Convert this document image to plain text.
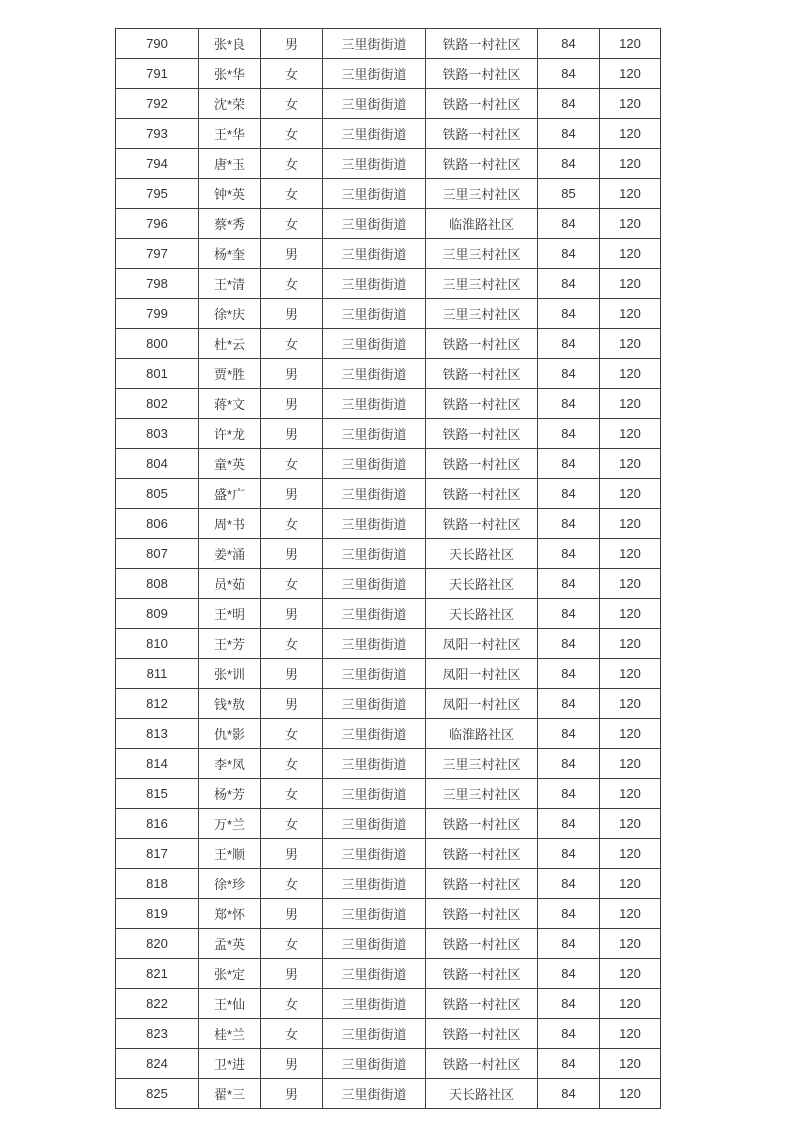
790	张*良	男	三里街街道	铁路一村社区	84	120
791	张*华	女	三里街街道	铁路一村社区	84	120
792	沈*荣	女	三里街街道	铁路一村社区	84	120
793	王*华	女	三里街街道	铁路一村社区	84	120
794	唐*玉	女	三里街街道	铁路一村社区	84	120
795	钟*英	女	三里街街道	三里三村社区	85	120
796	蔡*秀	女	三里街街道	临淮路社区	84	120
797	杨*奎	男	三里街街道	三里三村社区	84	120
798	王*清	女	三里街街道	三里三村社区	84	120
799	徐*庆	男	三里街街道	三里三村社区	84	120
800	杜*云	女	三里街街道	铁路一村社区	84	120
801	贾*胜	男	三里街街道	铁路一村社区	84	120
802	蒋*文	男	三里街街道	铁路一村社区	84	120
803	许*龙	男	三里街街道	铁路一村社区	84	120
804	童*英	女	三里街街道	铁路一村社区	84	120
805	盛*广	男	三里街街道	铁路一村社区	84	120
806	周*书	女	三里街街道	铁路一村社区	84	120
807	姜*涌	男	三里街街道	天长路社区	84	120
808	员*茹	女	三里街街道	天长路社区	84	120
809	王*明	男	三里街街道	天长路社区	84	120
810	王*芳	女	三里街街道	凤阳一村社区	84	120
811	张*训	男	三里街街道	凤阳一村社区	84	120
812	钱*敖	男	三里街街道	凤阳一村社区	84	120
813	仇*影	女	三里街街道	临淮路社区	84	120
814	李*凤	女	三里街街道	三里三村社区	84	120
815	杨*芳	女	三里街街道	三里三村社区	84	120
816	万*兰	女	三里街街道	铁路一村社区	84	120
817	王*顺	男	三里街街道	铁路一村社区	84	120
818	徐*珍	女	三里街街道	铁路一村社区	84	120
819	郑*怀	男	三里街街道	铁路一村社区	84	120
820	孟*英	女	三里街街道	铁路一村社区	84	120
821	张*定	男	三里街街道	铁路一村社区	84	120
822	王*仙	女	三里街街道	铁路一村社区	84	120
823	桂*兰	女	三里街街道	铁路一村社区	84	120
824	卫*进	男	三里街街道	铁路一村社区	84	120
825	翟*三	男	三里街街道	天长路社区	84	120
